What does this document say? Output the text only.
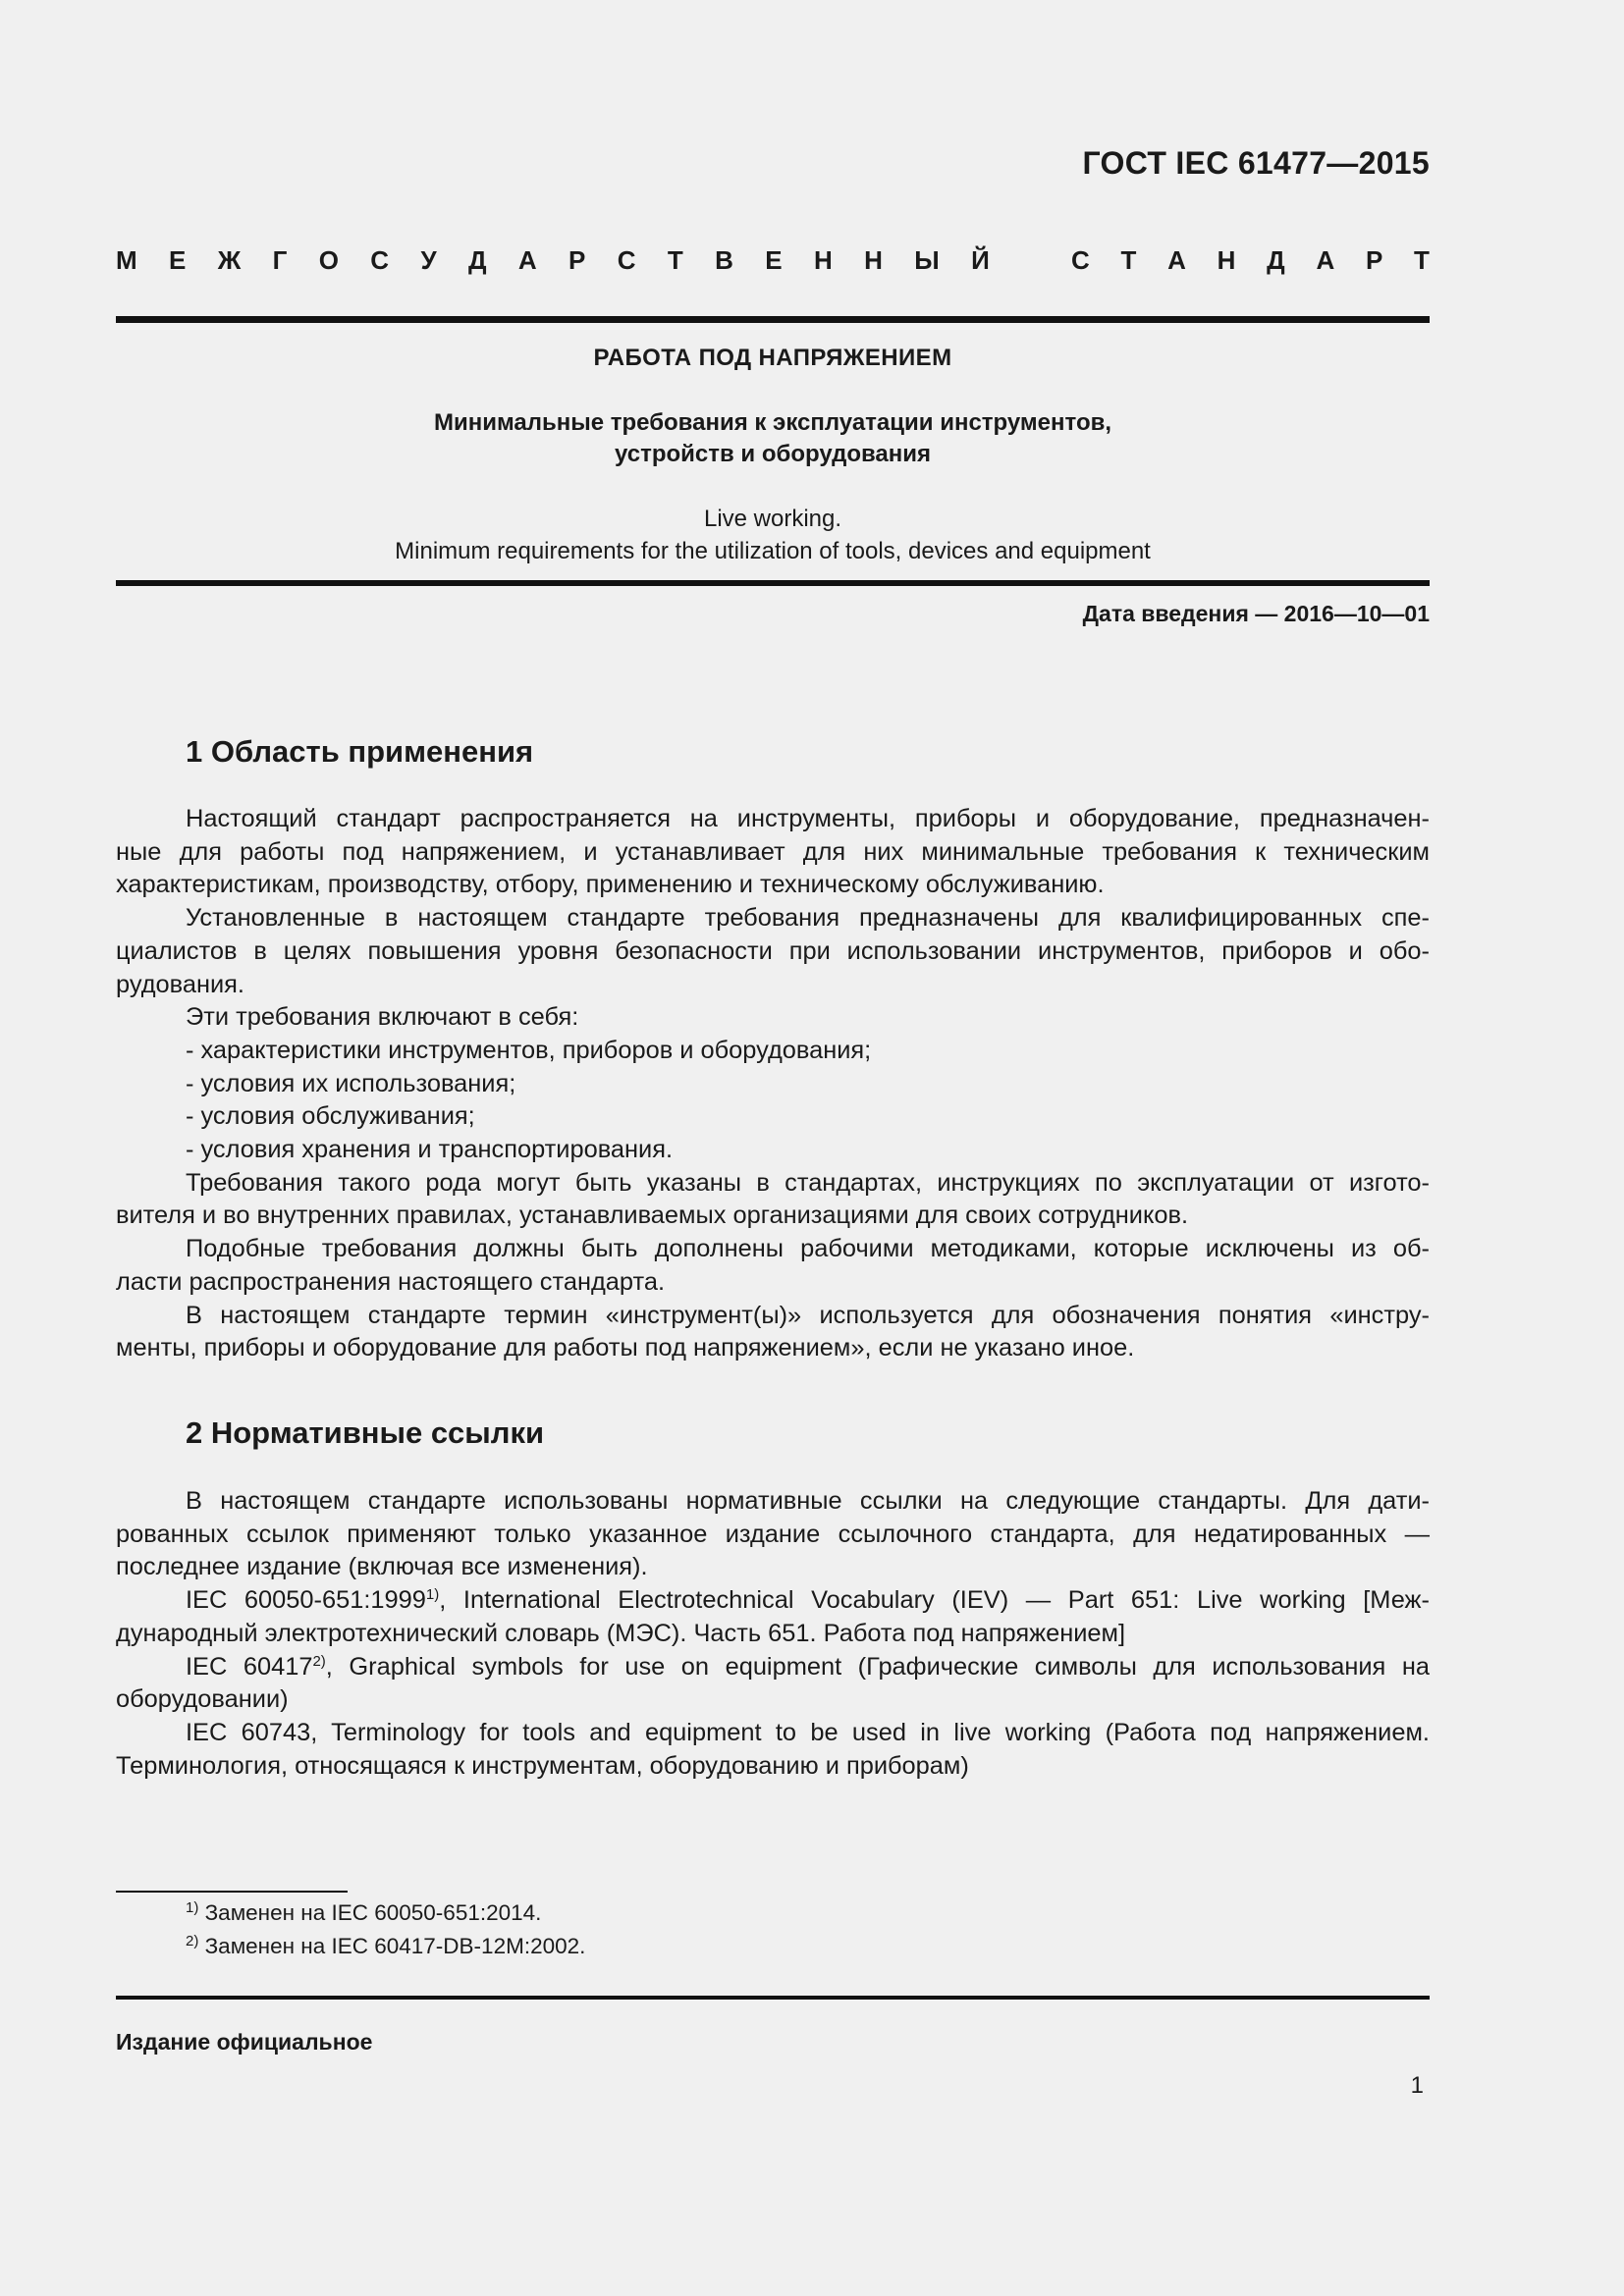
ГОСТ IEC 61477—2015
М Е Ж Г О С У Д А Р С Т В Е Н Н Ы Й	С Т А Н Д А Р Т
РАБОТА ПОД НАПРЯЖЕНИЕМ
Минимальные требования к эксплуатации инструментов,
устройств и оборудования
Live working.
Minimum requirements for the utilization of tools, devices and equipment
Дата введения — 2016—10—01
1 Область применения
Настоящий стандарт распространяется на инструменты, приборы и оборудование, предназначен-
ные для работы под напряжением, и устанавливает для них минимальные требования к техническим
характеристикам, производству, отбору, применению и техническому обслуживанию.
Установленные в настоящем стандарте требования предназначены для квалифицированных спе-
циалистов в целях повышения уровня безопасности при использовании инструментов, приборов и обо-
рудования.
Эти требования включают в себя:
- характеристики инструментов, приборов и оборудования;
- условия их использования;
- условия обслуживания;
- условия хранения и транспортирования.
Требования такого рода могут быть указаны в стандартах, инструкциях по эксплуатации от изгото-
вителя и во внутренних правилах, устанавливаемых организациями для своих сотрудников.
Подобные требования должны быть дополнены рабочими методиками, которые исключены из об-
ласти распространения настоящего стандарта.
В настоящем стандарте термин «инструмент(ы)» используется для обозначения понятия «инстру-
менты, приборы и оборудование для работы под напряжением», если не указано иное.
2 Нормативные ссылки
В настоящем стандарте использованы нормативные ссылки на следующие стандарты. Для дати-
рованных ссылок применяют только указанное издание ссылочного стандарта, для недатированных —
последнее издание (включая все изменения).
IEC 60050-651:1999$^{1)}$, International Electrotechnical Vocabulary (IEV) — Part 651: Live working [Меж-
дународный электротехнический словарь (МЭС). Часть 651. Работа под напряжением]
IEC 60417$^{2)}$, Graphical symbols for use on equipment (Графические символы для использования на
оборудовании)
IEC 60743, Terminology for tools and equipment to be used in live working (Работа под напряжением.
Терминология, относящаяся к инструментам, оборудованию и приборам)
$^{1)}$ Заменен на IEC 60050-651:2014.
$^{2)}$ Заменен на IEC 60417-DB-12M:2002.
Издание официальное
1
